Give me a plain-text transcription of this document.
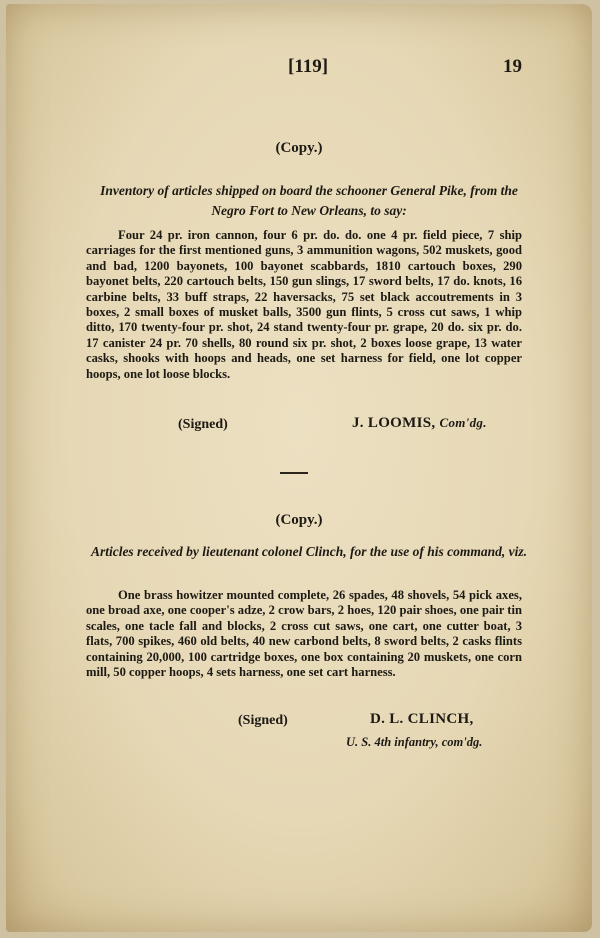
[119]	19
(Copy.)
Inventory of articles shipped on board the schooner General Pike, from the Negro Fort to New Orleans, to say:
Four 24 pr. iron cannon, four 6 pr. do. do. one 4 pr. field piece, 7 ship carriages for the first mentioned guns, 3 ammunition wagons, 502 muskets, good and bad, 1200 bayonets, 100 bayonet scabbards, 1810 cartouch boxes, 290 bayonet belts, 220 cartouch belts, 150 gun slings, 17 sword belts, 17 do. knots, 16 carbine belts, 33 buff straps, 22 haversacks, 75 set black accoutrements in 3 boxes, 2 small boxes of musket balls, 3500 gun flints, 5 cross cut saws, 1 whip ditto, 170 twenty-four pr. shot, 24 stand twenty-four pr. grape, 20 do. six pr. do. 17 canister 24 pr. 70 shells, 80 round six pr. shot, 2 boxes loose grape, 13 water casks, shooks with hoops and heads, one set harness for field, one lot copper hoops, one lot loose blocks.
(Signed)	J. LOOMIS, Com'dg.
(Copy.)
Articles received by lieutenant colonel Clinch, for the use of his command, viz.
One brass howitzer mounted complete, 26 spades, 48 shovels, 54 pick axes, one broad axe, one cooper's adze, 2 crow bars, 2 hoes, 120 pair shoes, one pair tin scales, one tacle fall and blocks, 2 cross cut saws, one cart, one cutter boat, 3 flats, 700 spikes, 460 old belts, 40 new carbond belts, 8 sword belts, 2 casks flints containing 20,000, 100 cartridge boxes, one box containing 20 muskets, one corn mill, 50 copper hoops, 4 sets harness, one set cart harness.
(Signed)	D. L. CLINCH,
U. S. 4th infantry, com'dg.
